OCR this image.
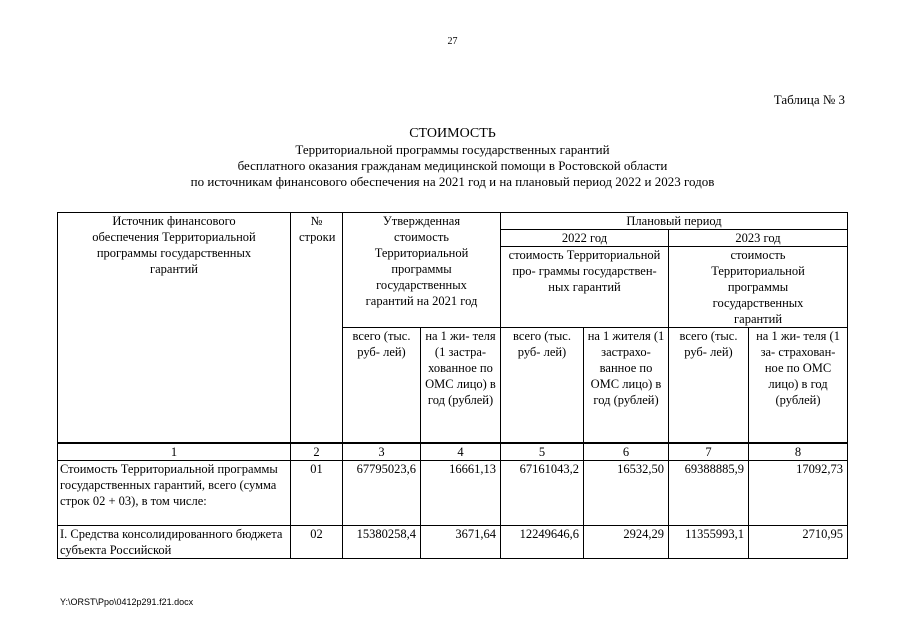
27
Таблица № 3
СТОИМОСТЬ
Территориальной программы государственных гарантий
бесплатного оказания гражданам медицинской помощи в Ростовской области
по источникам финансового обеспечения на 2021 год и на плановый период 2022 и 2023 годов
Источник финансового обеспечения Территориальной программы государственных гарантий	№ строки	Утвержденная стоимость Территориальной программы государственных гарантий на 2021 год		Плановый период			
				2022 год		2023 год	
				стоимость Территориальной про- граммы государствен- ных гарантий		стоимость Территориальной программы государственных гарантий	
		всего (тыс. руб- лей)	на 1 жи- теля (1 застра- хованное по ОМС лицо) в год (рублей)	всего (тыс. руб- лей)	на 1 жителя (1 застрахо- ванное по ОМС лицо) в год (рублей)	всего (тыс. руб- лей)	на 1 жи- теля (1 за- страхован- ное по ОМС лицо) в год (рублей)
1	2	3	4	5	6	7	8
Стоимость Территориальной программы государственных гарантий, всего (сумма строк 02 + 03), в том числе:	01	67795023,6	16661,13	67161043,2	16532,50	69388885,9	17092,73
I. Средства консолидированного бюджета субъекта Российской	02	15380258,4	3671,64	12249646,6	2924,29	11355993,1	2710,95
Y:\ORST\Ppo\0412p291.f21.docx
